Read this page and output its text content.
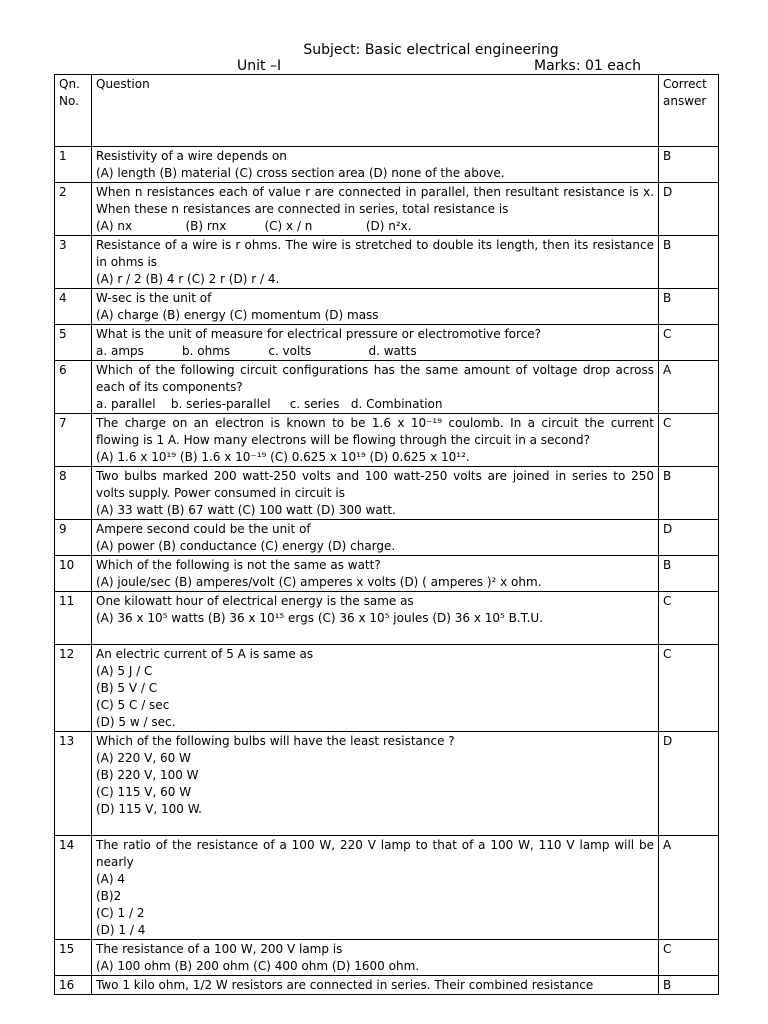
Subject: Basic electrical engineering
Unit –I	Marks: 01 each
Qn. No.	Question	Correct answer
1	Resistivity of a wire depends on
(A) length (B) material (C) cross section area (D) none of the above.	B
2	When n resistances each of value r are connected in parallel, then resultant resistance is x. When these n resistances are connected in series, total resistance is
(A) nx              (B) rnx          (C) x / n              (D) n²x.	D
3	Resistance of a wire is r ohms. The wire is stretched to double its length, then its resistance in ohms is
(A) r / 2 (B) 4 r (C) 2 r (D) r / 4.	B
4	W-sec is the unit of
(A) charge (B) energy (C) momentum (D) mass	B
5	What is the unit of measure for electrical pressure or electromotive force?
a. amps          b. ohms          c. volts               d. watts	C
6	Which of the following circuit configurations has the same amount of voltage drop across each of its components?
a. parallel    b. series-parallel     c. series   d. Combination	A
7	The charge on an electron is known to be 1.6 x 10⁻¹⁹ coulomb. In a circuit the current flowing is 1 A. How many electrons will be flowing through the circuit in a second?
(A) 1.6 x 10¹⁹ (B) 1.6 x 10⁻¹⁹ (C) 0.625 x 10¹⁹ (D) 0.625 x 10¹².	C
8	Two bulbs marked 200 watt-250 volts and 100 watt-250 volts are joined in series to 250 volts supply. Power consumed in circuit is
(A) 33 watt (B) 67 watt (C) 100 watt (D) 300 watt.	B
9	Ampere second could be the unit of
(A) power (B) conductance (C) energy (D) charge.	D
10	Which of the following is not the same as watt?
(A) joule/sec (B) amperes/volt (C) amperes x volts (D) ( amperes )² x ohm.	B
11	One kilowatt hour of electrical energy is the same as
(A) 36 x 10⁵ watts (B) 36 x 10¹⁵ ergs (C) 36 x 10⁵ joules (D) 36 x 10⁵ B.T.U.	C
12	An electric current of 5 A is same as
(A) 5 J / C
(B) 5 V / C
(C) 5 C / sec
(D) 5 w / sec.	C
13	Which of the following bulbs will have the least resistance ?
(A) 220 V, 60 W
(B) 220 V, 100 W
(C) 115 V, 60 W
(D) 115 V, 100 W.	D
14	The ratio of the resistance of a 100 W, 220 V lamp to that of a 100 W, 110 V lamp will be nearly
(A) 4
(B)2
(C) 1 / 2
(D) 1 / 4	A
15	The resistance of a 100 W, 200 V lamp is
(A) 100 ohm (B) 200 ohm (C) 400 ohm (D) 1600 ohm.	C
16	Two 1 kilo ohm, 1/2 W resistors are connected in series. Their combined resistance	B
